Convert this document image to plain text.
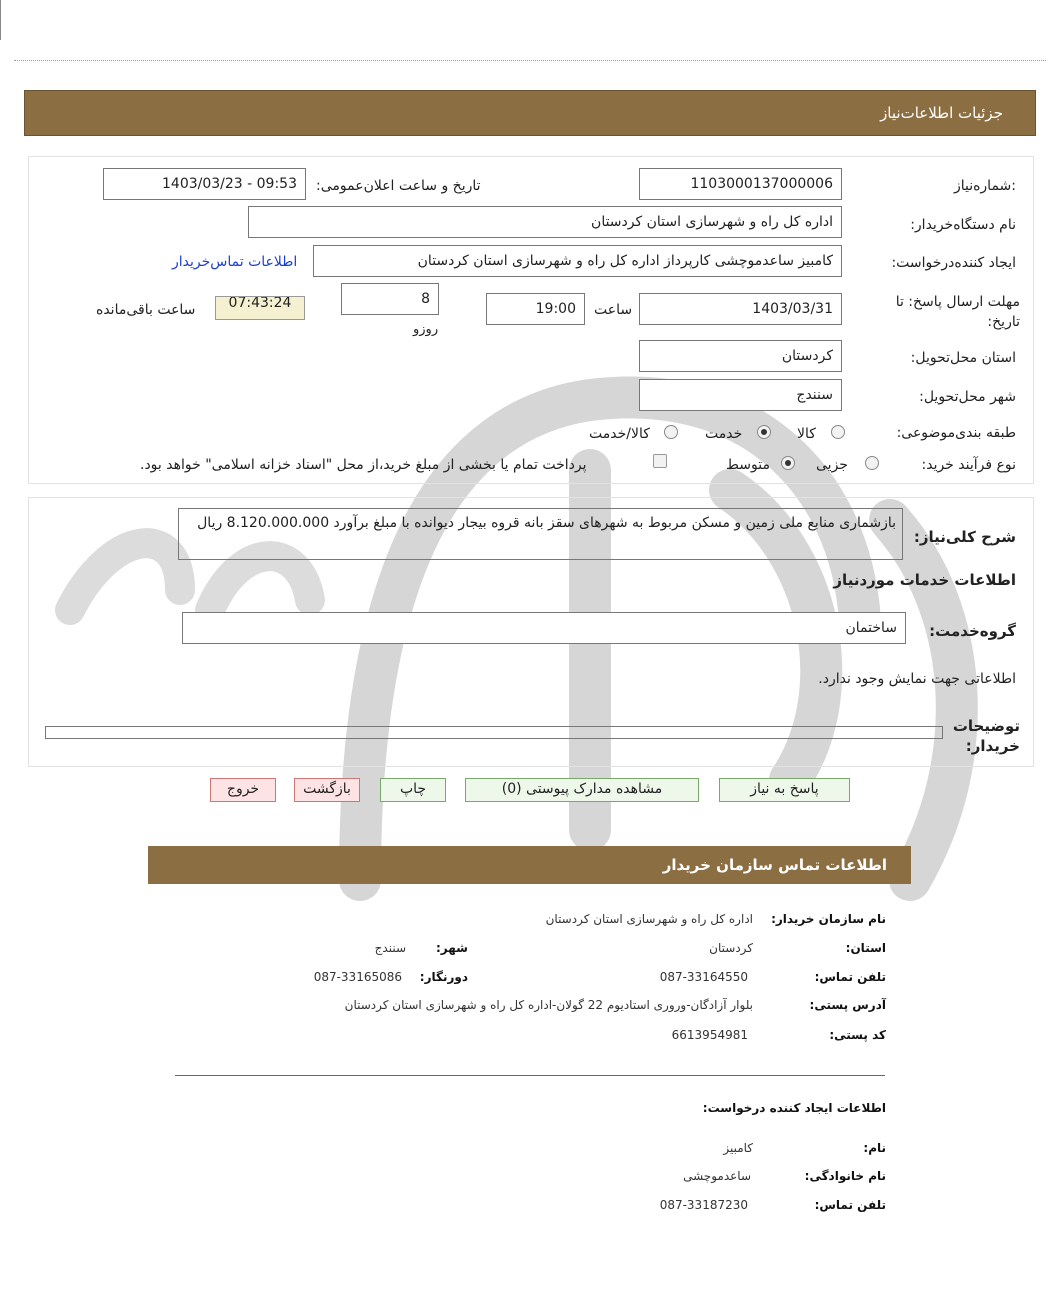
جزئیات اطلاعات‌نیاز
شماره‌نیاز:
1103000137000006
تاریخ و ساعت اعلان‌عمومی:
1403/03/23 - 09:53
نام دستگاه‌خریدار:
اداره کل راه و شهرسازی استان کردستان
ایجاد کننده‌درخواست:
کامبیز ساعدموچشی کارپرداز اداره کل راه و شهرسازی استان کردستان
اطلاعات تماس‌خریدار
مهلت ارسال پاسخ: تا تاریخ:
1403/03/31
ساعت
19:00
8
روزو
07:43:24
ساعت باقی‌مانده
استان محل‌تحویل:
کردستان
شهر محل‌تحویل:
سنندج
طبقه بندی‌موضوعی:
کالا
خدمت
کالا/خدمت
نوع فرآیند خرید:
جزیی
متوسط
پرداخت تمام یا بخشی از مبلغ خرید،از محل "اسناد خزانه اسلامی" خواهد بود.
شرح کلی‌نیاز:
بازشماری منابع ملی زمین و مسکن مربوط به شهرهای سقز بانه قروه بیجار دیوانده با مبلغ برآورد 8.120.000.000 ریال
اطلاعات خدمات موردنیاز
گروه‌خدمت:
ساختمان
اطلاعاتی جهت نمایش وجود ندارد.
توضیحات خریدار:
پاسخ به نیاز
مشاهده مدارک پیوستی (0)
چاپ
بازگشت
خروج
اطلاعات تماس سازمان خریدار
نام سازمان خریدار:
اداره کل راه و شهرسازی استان کردستان
استان:
کردستان
شهر:
سنندج
تلفن تماس:
087-33164550
دورنگار:
087-33165086
آدرس پستی:
بلوار آزادگان-وروری استادیوم 22 گولان-اداره کل راه و شهرسازی استان کردستان
کد پستی:
6613954981
اطلاعات ایجاد کننده درخواست:
نام:
کامبیز
نام خانوادگی:
ساعدموچشی
تلفن تماس:
087-33187230
